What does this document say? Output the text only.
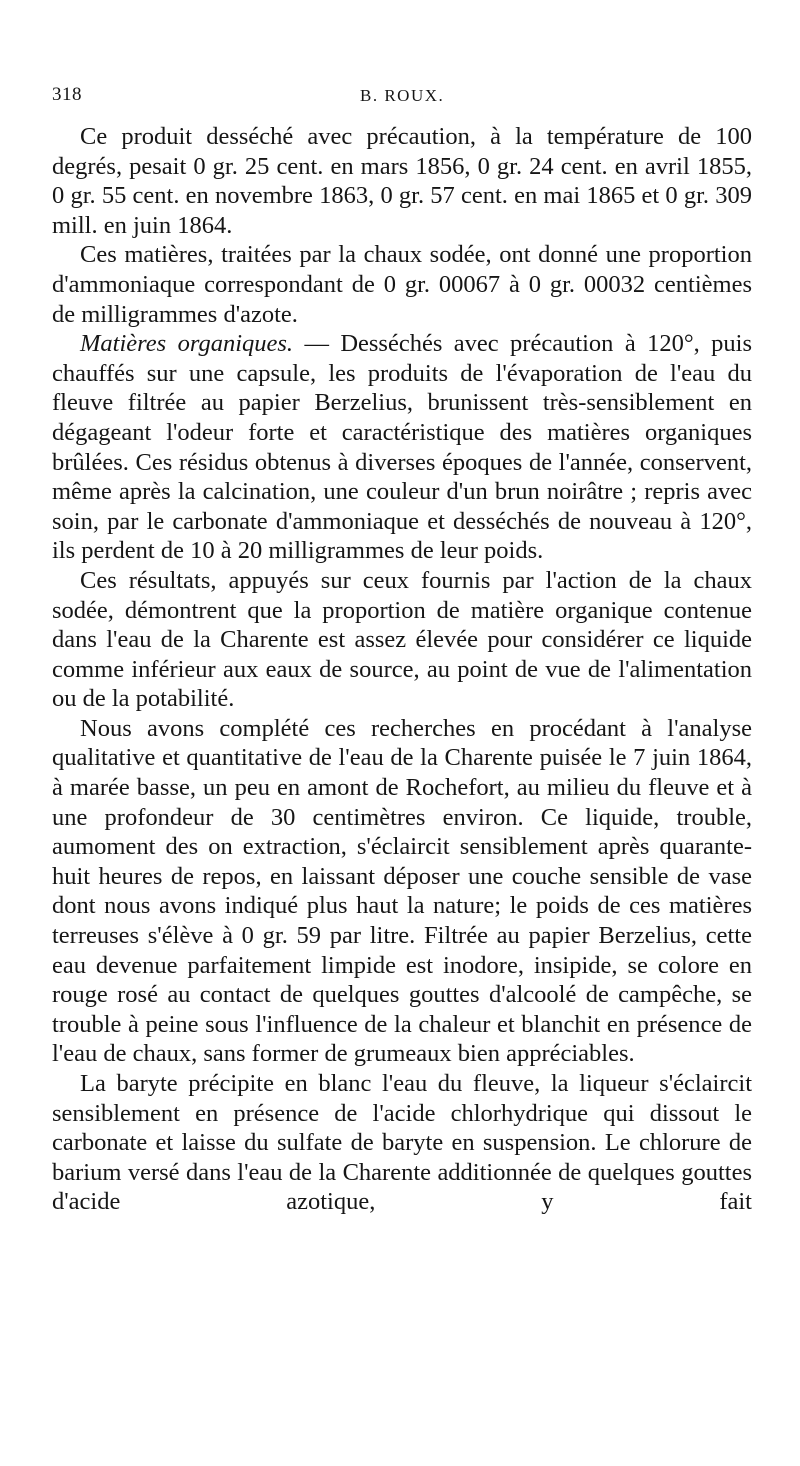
318	B. ROUX.

Ce produit desséché avec précaution, à la température de 100 degrés, pesait 0 gr. 25 cent. en mars 1856, 0 gr. 24 cent. en avril 1855, 0 gr. 55 cent. en novembre 1863, 0 gr. 57 cent. en mai 1865 et 0 gr. 309 mill. en juin 1864.

Ces matières, traitées par la chaux sodée, ont donné une proportion d'ammoniaque correspondant de 0 gr. 00067 à 0 gr. 00032 centièmes de milligrammes d'azote.

Matières organiques. — Desséchés avec précaution à 120°, puis chauffés sur une capsule, les produits de l'évaporation de l'eau du fleuve filtrée au papier Berzelius, brunissent très-sensiblement en dégageant l'odeur forte et caractéristique des matières organiques brûlées. Ces résidus obtenus à diverses époques de l'année, conservent, même après la calcination, une couleur d'un brun noirâtre ; repris avec soin, par le carbonate d'ammoniaque et desséchés de nouveau à 120°, ils perdent de 10 à 20 milligrammes de leur poids.

Ces résultats, appuyés sur ceux fournis par l'action de la chaux sodée, démontrent que la proportion de matière organique contenue dans l'eau de la Charente est assez élevée pour considérer ce liquide comme inférieur aux eaux de source, au point de vue de l'alimentation ou de la potabilité.

Nous avons complété ces recherches en procédant à l'analyse qualitative et quantitative de l'eau de la Charente puisée le 7 juin 1864, à marée basse, un peu en amont de Rochefort, au milieu du fleuve et à une profondeur de 30 centimètres environ. Ce liquide, trouble, aumoment des on extraction, s'éclaircit sensiblement après quarante-huit heures de repos, en laissant déposer une couche sensible de vase dont nous avons indiqué plus haut la nature; le poids de ces matières terreuses s'élève à 0 gr. 59 par litre. Filtrée au papier Berzelius, cette eau devenue parfaitement limpide est inodore, insipide, se colore en rouge rosé au contact de quelques gouttes d'alcoolé de campêche, se trouble à peine sous l'influence de la chaleur et blanchit en présence de l'eau de chaux, sans former de grumeaux bien appréciables.

La baryte précipite en blanc l'eau du fleuve, la liqueur s'éclaircit sensiblement en présence de l'acide chlorhydrique qui dissout le carbonate et laisse du sulfate de baryte en suspension. Le chlorure de barium versé dans l'eau de la Charente additionnée de quelques gouttes d'acide azotique, y fait
